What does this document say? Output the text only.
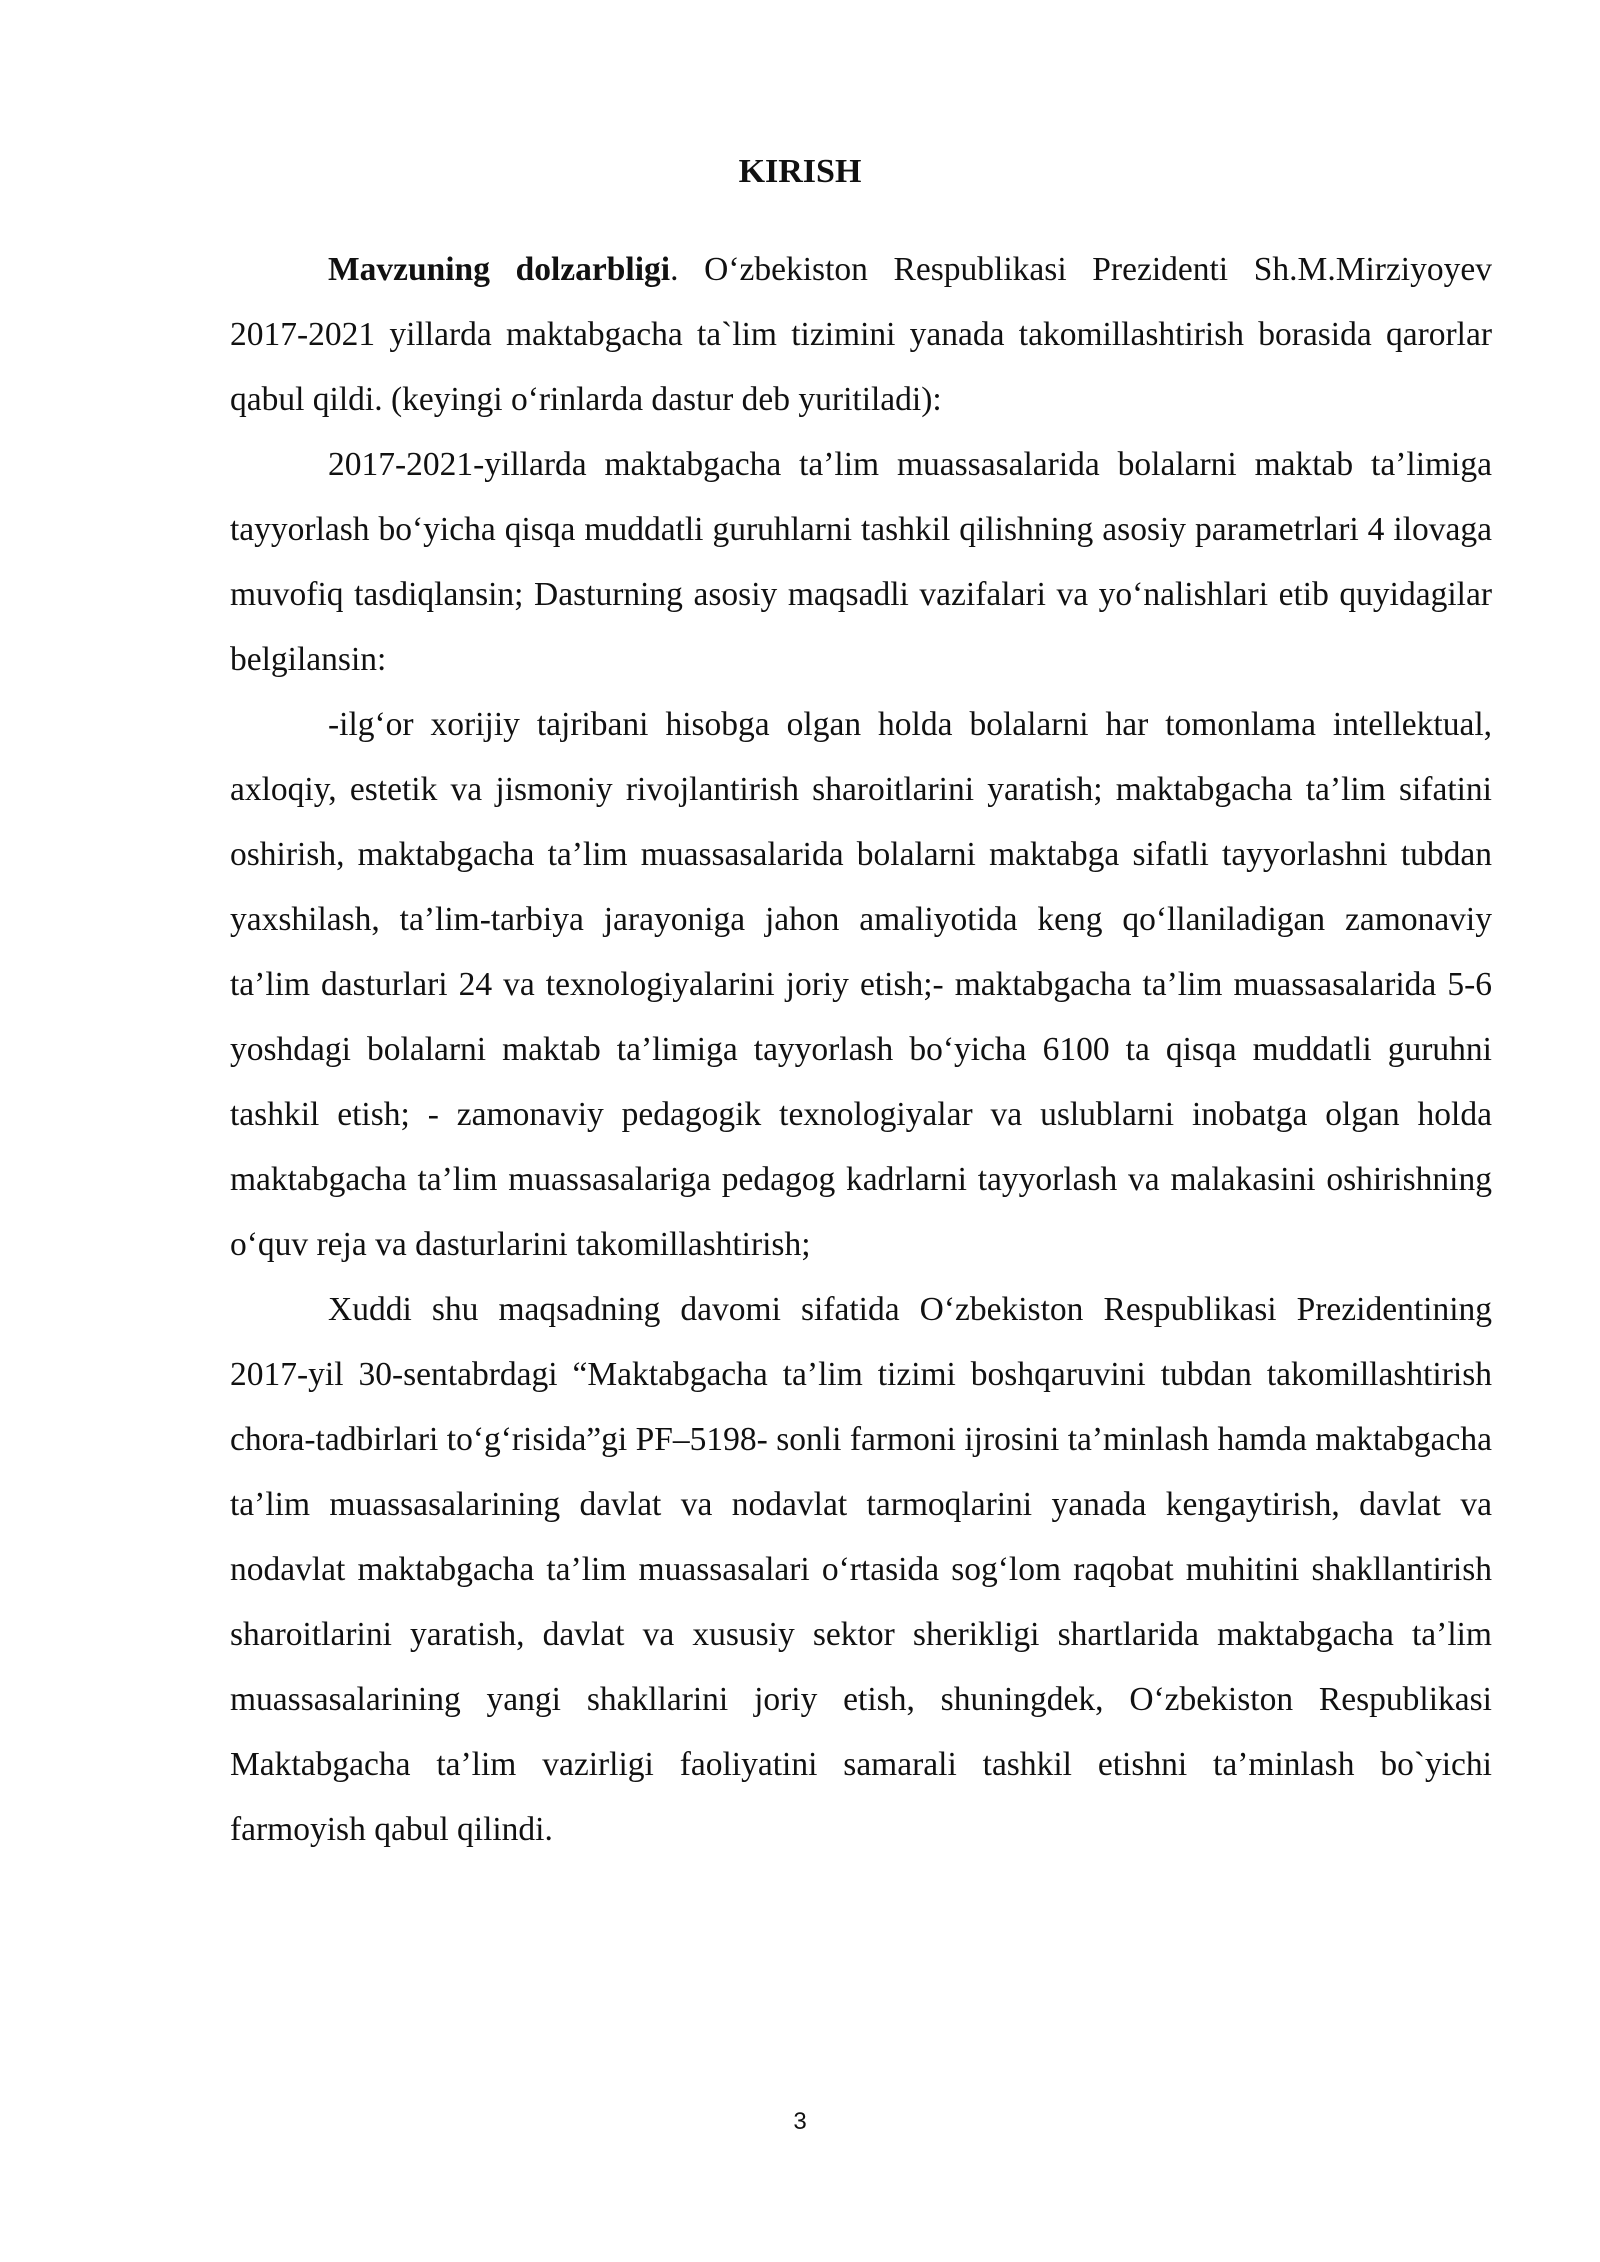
KIRISH

Mavzuning dolzarbligi. O‘zbekiston Respublikasi Prezidenti Sh.M.Mirziyoyev 2017-2021 yillarda maktabgacha ta`lim tizimini yanada takomillashtirish borasida qarorlar qabul qildi. (keyingi o‘rinlarda dastur deb yuritiladi):

2017-2021-yillarda maktabgacha ta’lim muassasalarida bolalarni maktab ta’limiga tayyorlash bo‘yicha qisqa muddatli guruhlarni tashkil qilishning asosiy parametrlari 4 ilovaga muvofiq tasdiqlansin; Dasturning asosiy maqsadli vazifalari va yo‘nalishlari etib quyidagilar belgilansin:

-ilg‘or xorijiy tajribani hisobga olgan holda bolalarni har tomonlama intellektual, axloqiy, estetik va jismoniy rivojlantirish sharoitlarini yaratish; maktabgacha ta’lim sifatini oshirish, maktabgacha ta’lim muassasalarida bolalarni maktabga sifatli tayyorlashni tubdan yaxshilash, ta’lim-tarbiya jarayoniga jahon amaliyotida keng qo‘llaniladigan zamonaviy ta’lim dasturlari 24 va texnologiyalarini joriy etish;- maktabgacha ta’lim muassasalarida 5-6 yoshdagi bolalarni maktab ta’limiga tayyorlash bo‘yicha 6100 ta qisqa muddatli guruhni tashkil etish; - zamonaviy pedagogik texnologiyalar va uslublarni inobatga olgan holda maktabgacha ta’lim muassasalariga pedagog kadrlarni tayyorlash va malakasini oshirishning o‘quv reja va dasturlarini takomillashtirish;

Xuddi shu maqsadning davomi sifatida O‘zbekiston Respublikasi Prezidentining 2017-yil 30-sentabrdagi “Maktabgacha ta’lim tizimi boshqaruvini tubdan takomillashtirish chora-tadbirlari to‘g‘risida”gi PF–5198- sonli farmoni ijrosini ta’minlash hamda maktabgacha ta’lim muassasalarining davlat va nodavlat tarmoqlarini yanada kengaytirish, davlat va nodavlat maktabgacha ta’lim muassasalari o‘rtasida sog‘lom raqobat muhitini shakllantirish sharoitlarini yaratish, davlat va xususiy sektor sherikligi shartlarida maktabgacha ta’lim muassasalarining yangi shakllarini joriy etish, shuningdek, O‘zbekiston Respublikasi Maktabgacha ta’lim vazirligi faoliyatini samarali tashkil etishni ta’minlash bo`yichi farmoyish qabul qilindi.

3
